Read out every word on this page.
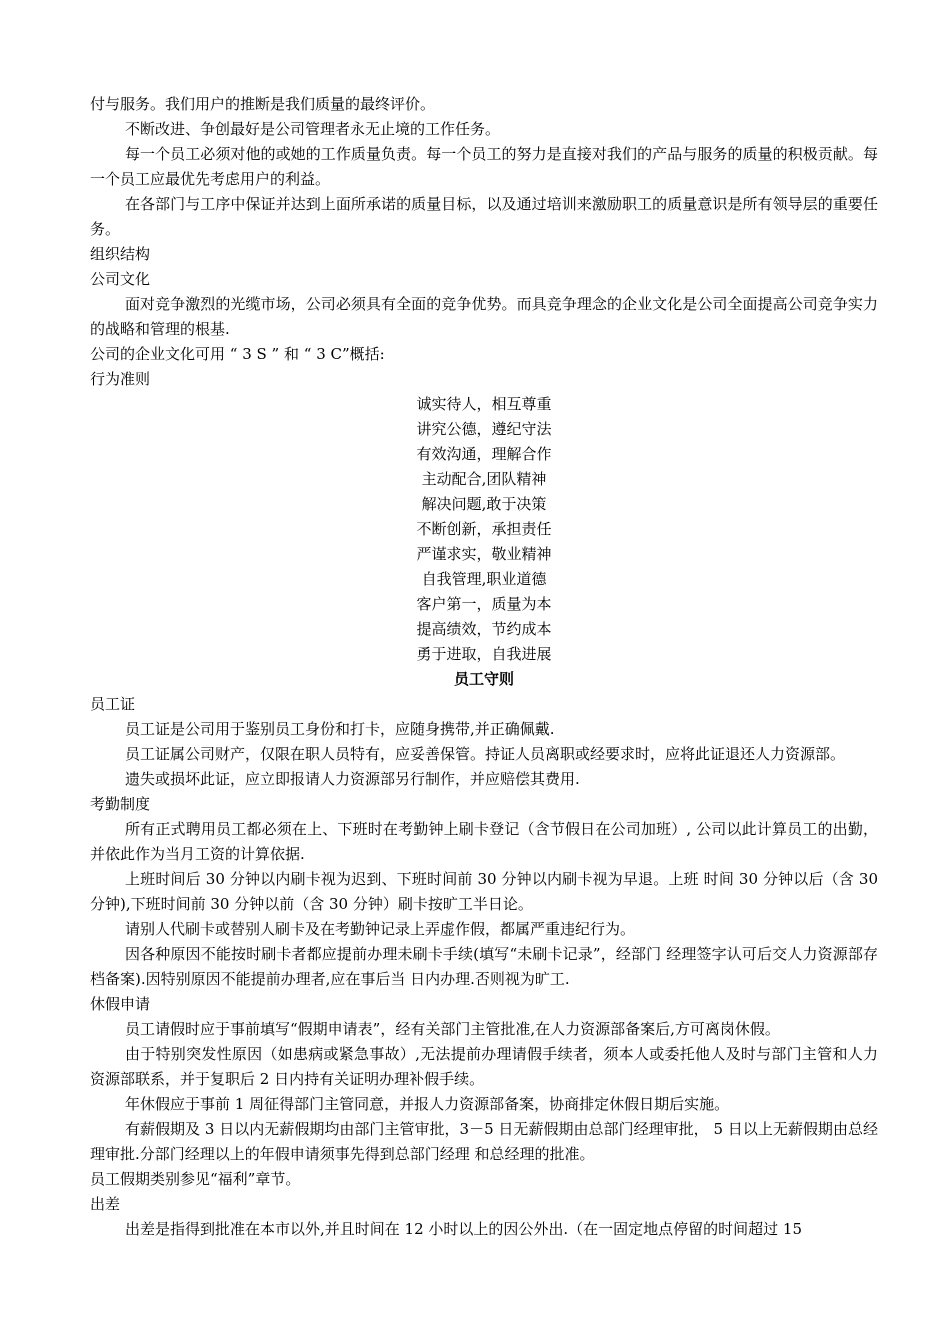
付与服务。我们用户的推断是我们质量的最终评价。

不断改进、争创最好是公司管理者永无止境的工作任务。

每一个员工必须对他的或她的工作质量负责。每一个员工的努力是直接对我们的产品与服务的质量的积极贡献。每一个员工应最优先考虑用户的利益。

在各部门与工序中保证并达到上面所承诺的质量目标，以及通过培训来激励职工的质量意识是所有领导层的重要任务。

组织结构

公司文化

面对竞争激烈的光缆市场，公司必须具有全面的竞争优势。而具竞争理念的企业文化是公司全面提高公司竞争实力的战略和管理的根基.

公司的企业文化可用 “ 3 S ” 和 “ 3 C”概括:

行为准则

诚实待人，相互尊重

讲究公德，遵纪守法

有效沟通，理解合作

主动配合,团队精神

解决问题,敢于决策

不断创新，承担责任

严谨求实，敬业精神

自我管理,职业道德

客户第一，质量为本

提高绩效，节约成本

勇于进取，自我进展

员工守则

员工证

员工证是公司用于鉴别员工身份和打卡，应随身携带,并正确佩戴.

员工证属公司财产，仅限在职人员特有，应妥善保管。持证人员离职或经要求时，应将此证退还人力资源部。

遗失或损坏此证，应立即报请人力资源部另行制作，并应赔偿其费用.

考勤制度

所有正式聘用员工都必须在上、下班时在考勤钟上刷卡登记（含节假日在公司加班）, 公司以此计算员工的出勤，并依此作为当月工资的计算依据.

上班时间后 30 分钟以内刷卡视为迟到、下班时间前 30 分钟以内刷卡视为早退。上班 时间 30 分钟以后（含 30 分钟),下班时间前 30 分钟以前（含 30 分钟）刷卡按旷工半日论。

请别人代刷卡或替别人刷卡及在考勤钟记录上弄虚作假，都属严重违纪行为。

因各种原因不能按时刷卡者都应提前办理未刷卡手续(填写“未刷卡记录”，经部门 经理签字认可后交人力资源部存档备案).因特别原因不能提前办理者,应在事后当 日内办理.否则视为旷工.

休假申请

员工请假时应于事前填写“假期申请表”，经有关部门主管批准,在人力资源部备案后,方可离岗休假。

由于特别突发性原因（如患病或紧急事故）,无法提前办理请假手续者，须本人或委托他人及时与部门主管和人力资源部联系，并于复职后 2 日内持有关证明办理补假手续。

年休假应于事前 1 周征得部门主管同意，并报人力资源部备案，协商排定休假日期后实施。

有薪假期及 3 日以内无薪假期均由部门主管审批，3－5 日无薪假期由总部门经理审批， 5 日以上无薪假期由总经理审批.分部门经理以上的年假申请须事先得到总部门经理 和总经理的批准。

员工假期类别参见“福利”章节。

出差

出差是指得到批准在本市以外,并且时间在 12 小时以上的因公外出.（在一固定地点停留的时间超过 15
